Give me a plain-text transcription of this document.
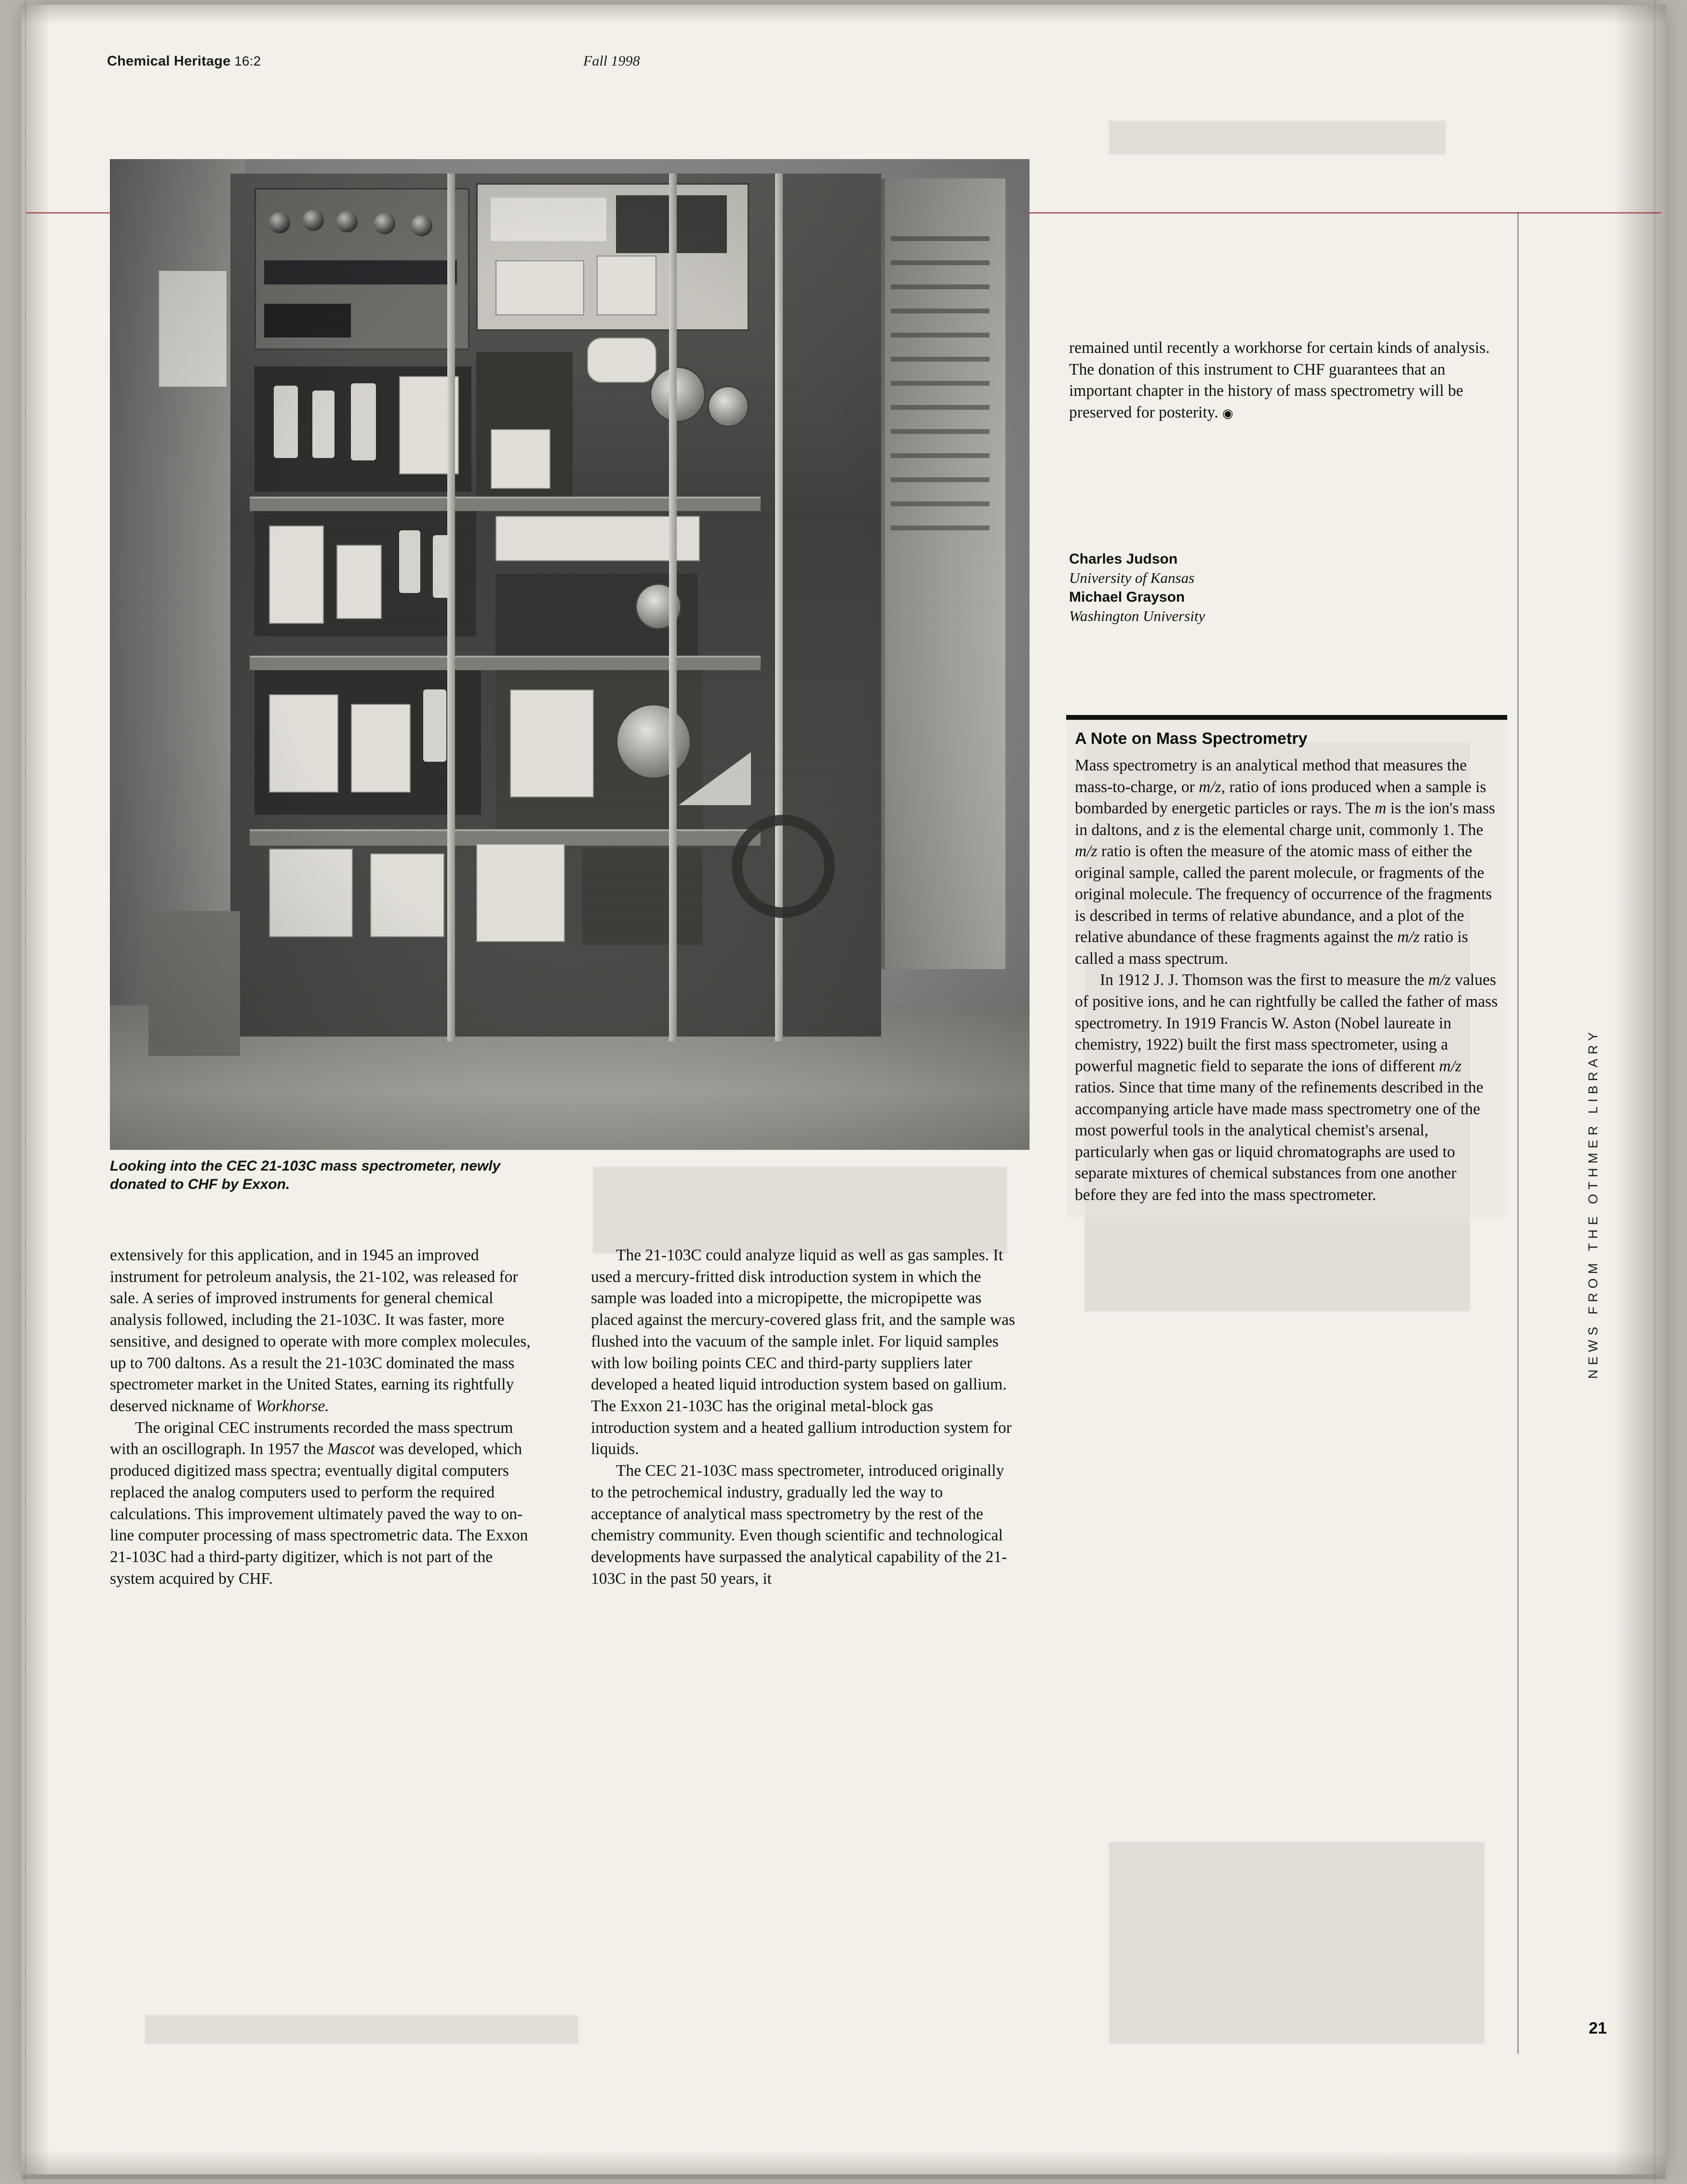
Chemical Heritage 16:2	Fall 1998
Looking into the CEC 21-103C mass spectrometer, newly donated to CHF by Exxon.

extensively for this application, and in 1945 an improved instrument for petroleum analysis, the 21-102, was released for sale. A series of improved instruments for general chemical analysis followed, including the 21-103C. It was faster, more sensitive, and designed to operate with more complex molecules, up to 700 daltons. As a result the 21-103C dominated the mass spectrometer market in the United States, earning its rightfully deserved nickname of Workhorse.

The original CEC instruments recorded the mass spectrum with an oscillograph. In 1957 the Mascot was developed, which produced digitized mass spectra; eventually digital computers replaced the analog computers used to perform the required calculations. This improvement ultimately paved the way to on-line computer processing of mass spectrometric data. The Exxon 21-103C had a third-party digitizer, which is not part of the system acquired by CHF.

The 21-103C could analyze liquid as well as gas samples. It used a mercury-fritted disk introduction system in which the sample was loaded into a micropipette, the micropipette was placed against the mercury-covered glass frit, and the sample was flushed into the vacuum of the sample inlet. For liquid samples with low boiling points CEC and third-party suppliers later developed a heated liquid introduction system based on gallium. The Exxon 21-103C has the original metal-block gas introduction system and a heated gallium introduction system for liquids.

The CEC 21-103C mass spectrometer, introduced originally to the petrochemical industry, gradually led the way to acceptance of analytical mass spectrometry by the rest of the chemistry community. Even though scientific and technological developments have surpassed the analytical capability of the 21-103C in the past 50 years, it

remained until recently a workhorse for certain kinds of analysis. The donation of this instrument to CHF guarantees that an important chapter in the history of mass spectrometry will be preserved for posterity. ◉

Charles Judson
University of Kansas
Michael Grayson
Washington University
A Note on Mass Spectrometry

Mass spectrometry is an analytical method that measures the mass-to-charge, or m/z, ratio of ions produced when a sample is bombarded by energetic particles or rays. The m is the ion's mass in daltons, and z is the elemental charge unit, commonly 1. The m/z ratio is often the measure of the atomic mass of either the original sample, called the parent molecule, or fragments of the original molecule. The frequency of occurrence of the fragments is described in terms of relative abundance, and a plot of the relative abundance of these fragments against the m/z ratio is called a mass spectrum.

In 1912 J. J. Thomson was the first to measure the m/z values of positive ions, and he can rightfully be called the father of mass spectrometry. In 1919 Francis W. Aston (Nobel laureate in chemistry, 1922) built the first mass spectrometer, using a powerful magnetic field to separate the ions of different m/z ratios. Since that time many of the refinements described in the accompanying article have made mass spectrometry one of the most powerful tools in the analytical chemist's arsenal, particularly when gas or liquid chromatographs are used to separate mixtures of chemical substances from one another before they are fed into the mass spectrometer.	NEWS FROM THE OTHMER LIBRARY
21
